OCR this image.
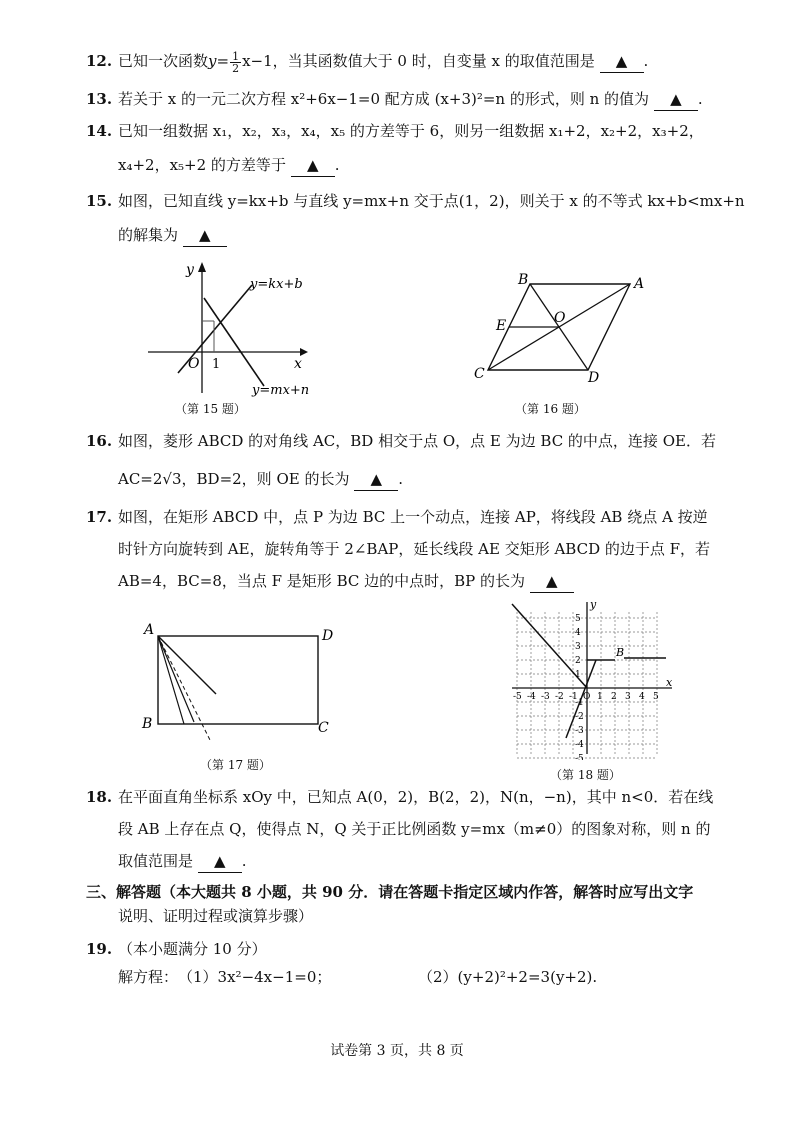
12. 已知一次函数$y= \frac{1}{2} x-1$，当其函数值大于 0 时，自变量 x 的取值范围是 ▲ .
13. 若关于 x 的一元二次方程 x²+6x−1=0 配方成 (x+3)²=n 的形式，则 n 的值为 ▲ .
14. 已知一组数据 x₁，x₂，x₃，x₄，x₅ 的方差等于 6，则另一组数据 x₁+2，x₂+2，x₃+2，
x₄+2，x₅+2 的方差等于 ▲ .
15. 如图，已知直线 y=kx+b 与直线 y=mx+n 交于点(1，2)，则关于 x 的不等式 kx+b<mx+n
的解集为 ▲
y
x
O 1
y=kx+b
y=mx+n
（第 15 题）
B	A
C	D
E	O
（第 16 题）
16. 如图，菱形 ABCD 的对角线 AC，BD 相交于点 O，点 E 为边 BC 的中点，连接 OE．若
AC=2√3，BD=2，则 OE 的长为 ▲ .
17. 如图，在矩形 ABCD 中，点 P 为边 BC 上一个动点，连接 AP，将线段 AB 绕点 A 按逆
时针方向旋转到 AE，旋转角等于 2∠BAP，延长线段 AE 交矩形 ABCD 的边于点 F，若
AB=4，BC=8，当点 F 是矩形 BC 边的中点时，BP 的长为 ▲
A	D
B	C
（第 17 题）
y
x
B
-5 -4 -3 -2 -1 O 1 2 3 4 5
5
4
3
2
1
-1
-2
-3
-4
-5
（第 18 题）
18. 在平面直角坐标系 xOy 中，已知点 A(0，2)，B(2，2)，N(n，−n)，其中 n<0．若在线
段 AB 上存在点 Q，使得点 N，Q 关于正比例函数 y=mx（m≠0）的图象对称，则 n 的
取值范围是 ▲ .
三、解答题（本大题共 8 小题，共 90 分．请在答题卡指定区域内作答，解答时应写出文字
说明、证明过程或演算步骤）
19. （本小题满分 10 分）
解方程：（1）3x²−4x−1=0；	（2）(y+2)²+2=3(y+2).
试卷第 3 页，共 8 页
